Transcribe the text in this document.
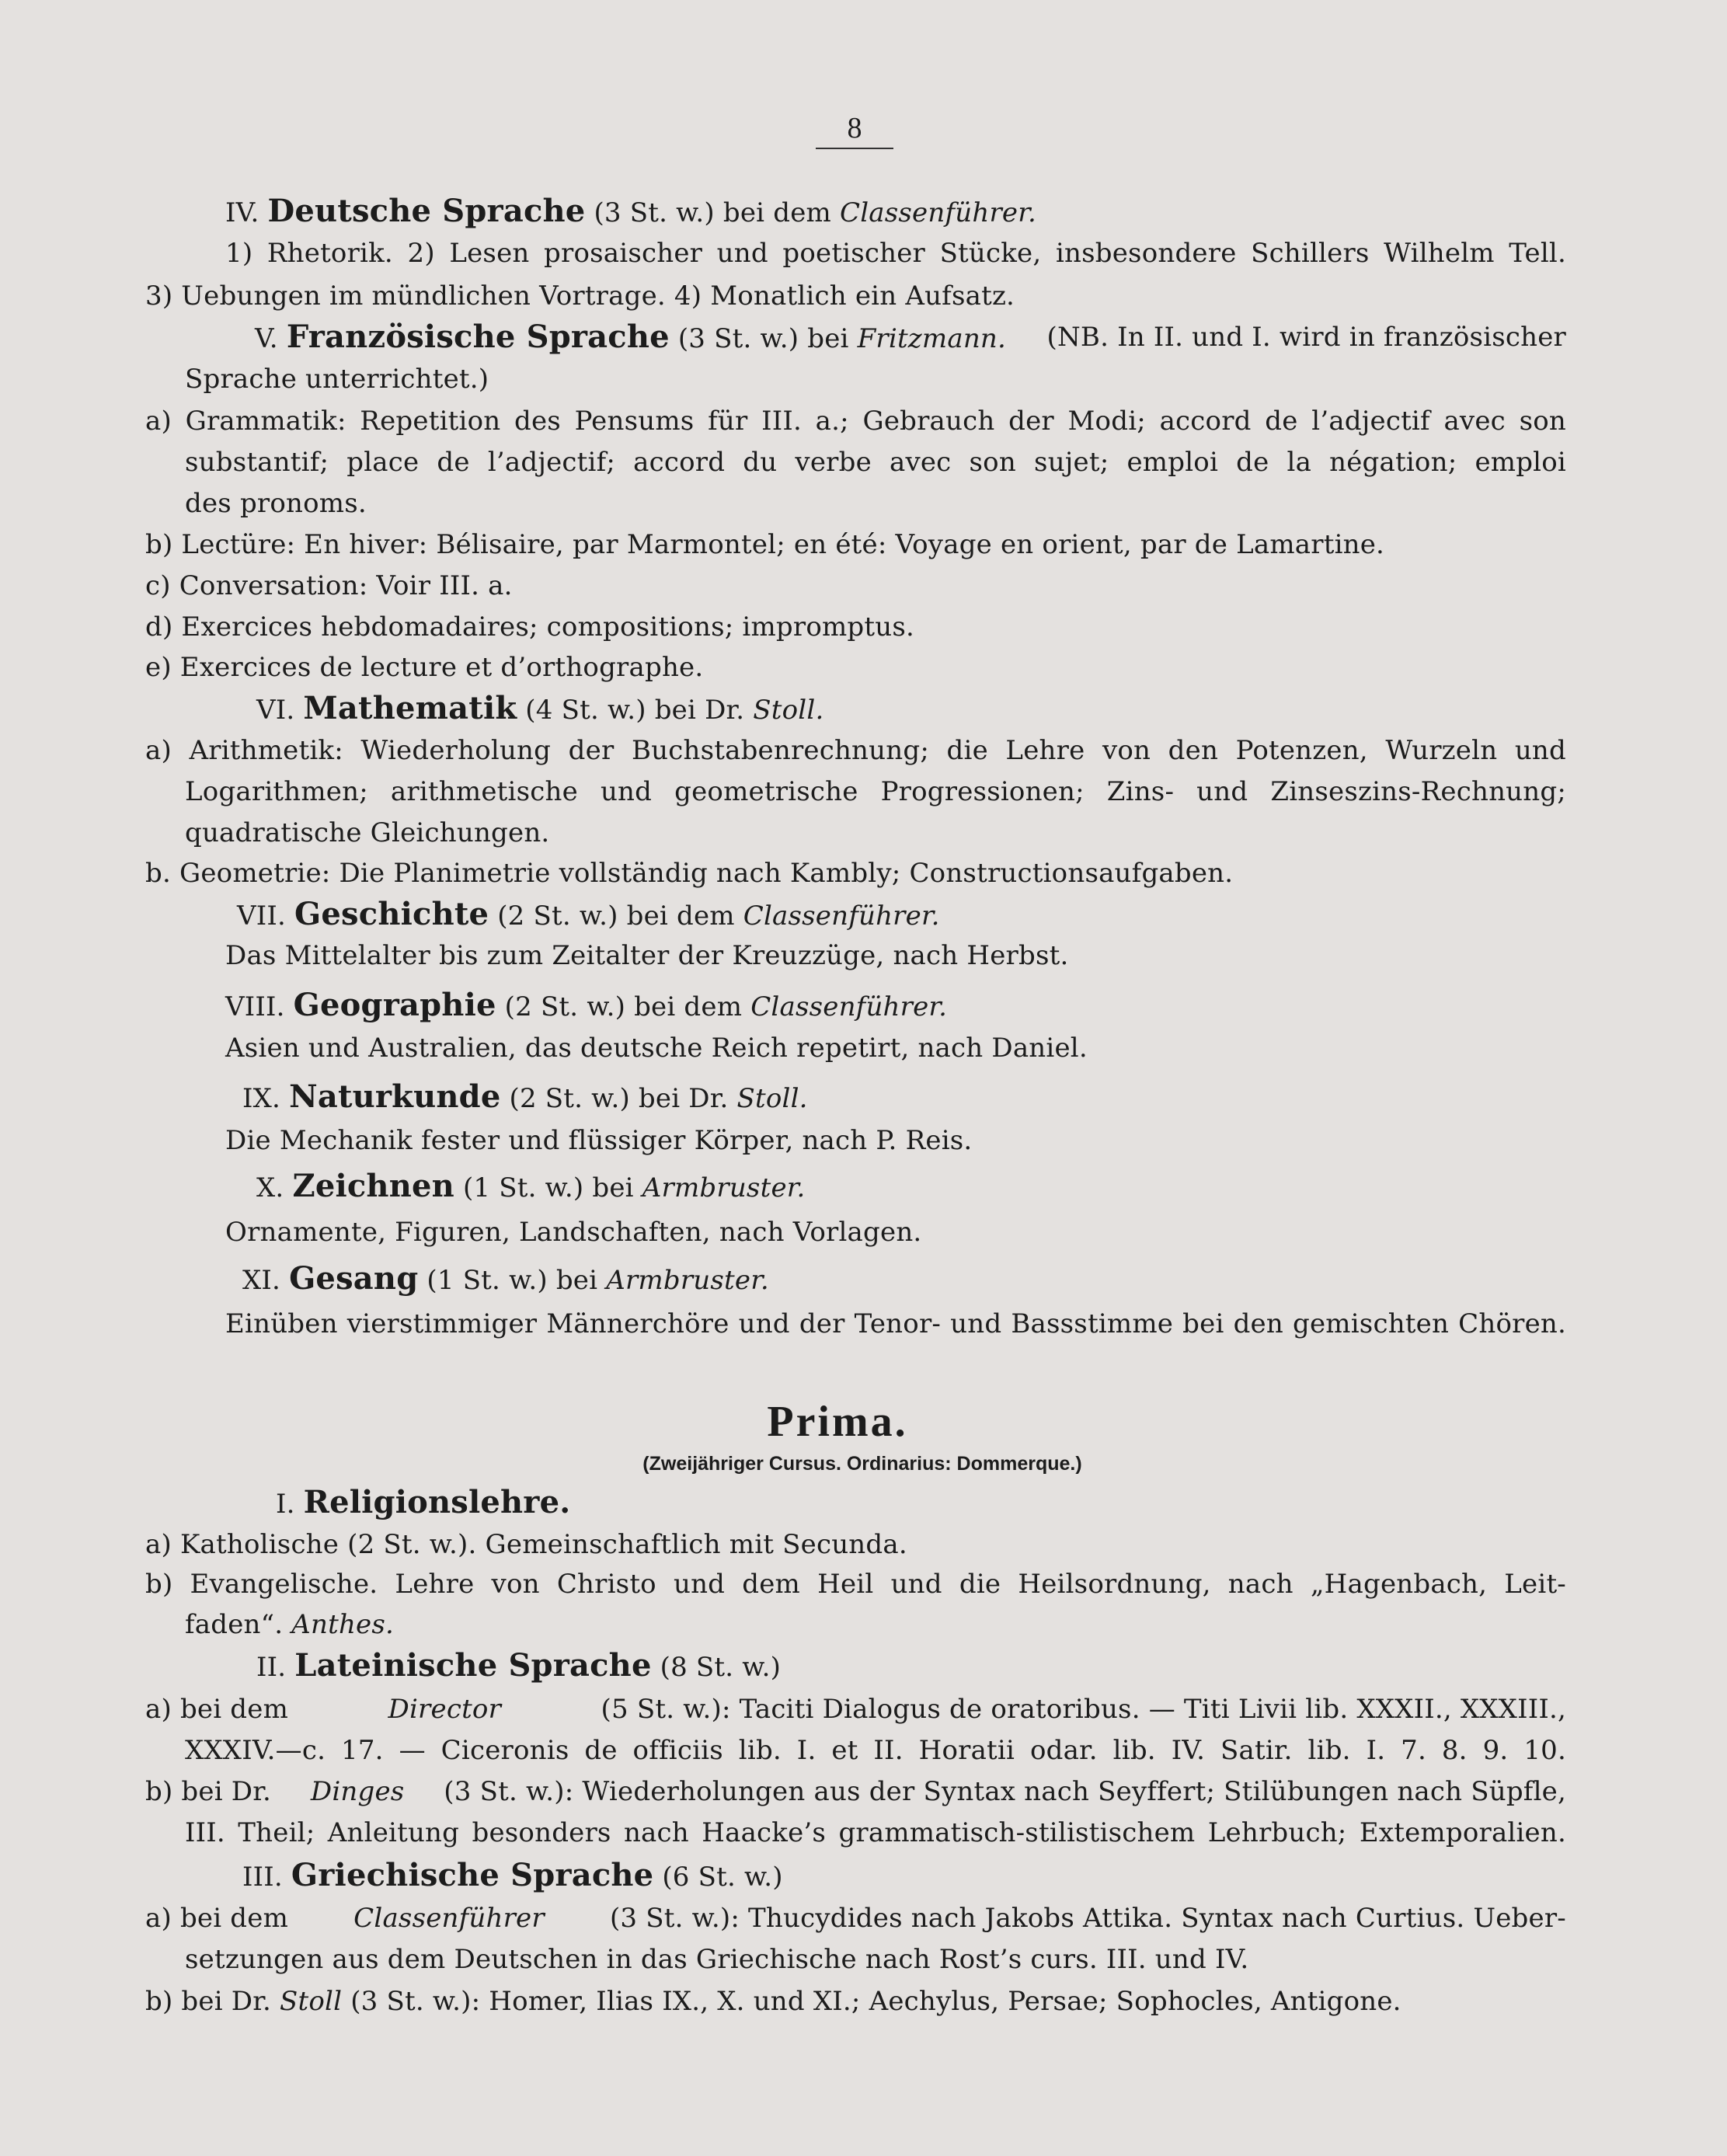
8
IV. Deutsche Sprache (3 St. w.) bei dem Classenführer.
1) Rhetorik. 2) Lesen prosaischer und poetischer Stücke, insbesondere Schillers Wilhelm Tell.
3) Uebungen im mündlichen Vortrage. 4) Monatlich ein Aufsatz.
V. Französische Sprache (3 St. w.) bei Fritzmann. (NB. In II. und I. wird in französischer
Sprache unterrichtet.)
a) Grammatik: Repetition des Pensums für III. a.; Gebrauch der Modi; accord de l’adjectif avec son
substantif; place de l’adjectif; accord du verbe avec son sujet; emploi de la négation; emploi
des pronoms.
b) Lectüre: En hiver: Bélisaire, par Marmontel; en été: Voyage en orient, par de Lamartine.
c) Conversation: Voir III. a.
d) Exercices hebdomadaires; compositions; impromptus.
e) Exercices de lecture et d’orthographe.
VI. Mathematik (4 St. w.) bei Dr. Stoll.
a) Arithmetik: Wiederholung der Buchstabenrechnung; die Lehre von den Potenzen, Wurzeln und
Logarithmen; arithmetische und geometrische Progressionen; Zins- und Zinseszins-Rechnung;
quadratische Gleichungen.
b. Geometrie: Die Planimetrie vollständig nach Kambly; Constructionsaufgaben.
VII. Geschichte (2 St. w.) bei dem Classenführer.
Das Mittelalter bis zum Zeitalter der Kreuzzüge, nach Herbst.
VIII. Geographie (2 St. w.) bei dem Classenführer.
Asien und Australien, das deutsche Reich repetirt, nach Daniel.
IX. Naturkunde (2 St. w.) bei Dr. Stoll.
Die Mechanik fester und flüssiger Körper, nach P. Reis.
X. Zeichnen (1 St. w.) bei Armbruster.
Ornamente, Figuren, Landschaften, nach Vorlagen.
XI. Gesang (1 St. w.) bei Armbruster.
Einüben vierstimmiger Männerchöre und der Tenor- und Bassstimme bei den gemischten Chören.
Prima.
(Zweijähriger Cursus. Ordinarius: Dommerque.)
I. Religionslehre.
a) Katholische (2 St. w.). Gemeinschaftlich mit Secunda.
b) Evangelische. Lehre von Christo und dem Heil und die Heilsordnung, nach „Hagenbach, Leit-
faden“. Anthes.
II. Lateinische Sprache (8 St. w.)
a) bei dem	Director	(5 St. w.): Taciti Dialogus de oratoribus. — Titi Livii lib. XXXII., XXXIII.,
XXXIV.—c. 17. — Ciceronis de officiis lib. I. et II. Horatii odar. lib. IV. Satir. lib. I. 7. 8. 9. 10.
b) bei Dr. Dinges (3 St. w.): Wiederholungen aus der Syntax nach Seyffert; Stilübungen nach Süpfle,
III. Theil; Anleitung besonders nach Haacke’s grammatisch-stilistischem Lehrbuch; Extemporalien.
III. Griechische Sprache (6 St. w.)
a) bei dem Classenführer (3 St. w.): Thucydides nach Jakobs Attika. Syntax nach Curtius. Ueber-
setzungen aus dem Deutschen in das Griechische nach Rost’s curs. III. und IV.
b) bei Dr. Stoll (3 St. w.): Homer, Ilias IX., X. und XI.; Aechylus, Persae; Sophocles, Antigone.
